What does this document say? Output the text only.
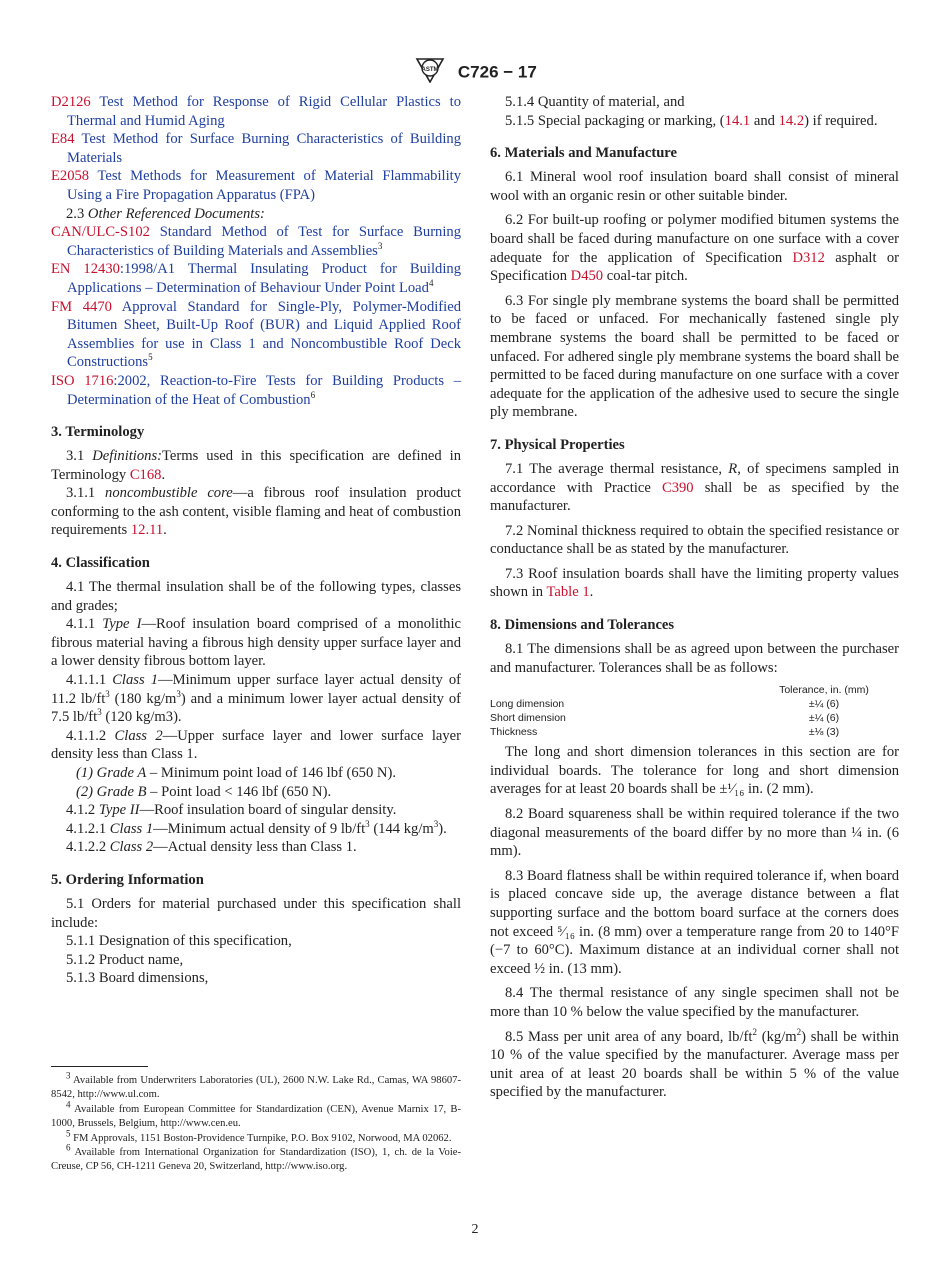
ASTM C726 − 17

D2126 Test Method for Response of Rigid Cellular Plastics to Thermal and Humid Aging

E84 Test Method for Surface Burning Characteristics of Building Materials

E2058 Test Methods for Measurement of Material Flammability Using a Fire Propagation Apparatus (FPA)

2.3 Other Referenced Documents:

CAN/ULC-S102 Standard Method of Test for Surface Burning Characteristics of Building Materials and Assemblies$^3$

EN 12430:1998/A1 Thermal Insulating Product for Building Applications – Determination of Behaviour Under Point Load$^4$

FM 4470 Approval Standard for Single-Ply, Polymer-Modified Bitumen Sheet, Built-Up Roof (BUR) and Liquid Applied Roof Assemblies for use in Class 1 and Noncombustible Roof Deck Constructions$^5$

ISO 1716:2002, Reaction-to-Fire Tests for Building Products – Determination of the Heat of Combustion$^6$

3. Terminology

3.1 Definitions:Terms used in this specification are defined in Terminology C168.

3.1.1 noncombustible core—a fibrous roof insulation product conforming to the ash content, visible flaming and heat of combustion requirements 12.11.

4. Classification

4.1 The thermal insulation shall be of the following types, classes and grades;

4.1.1 Type I—Roof insulation board comprised of a monolithic fibrous material having a fibrous high density upper surface layer and a lower density fibrous bottom layer.

4.1.1.1 Class 1—Minimum upper surface layer actual density of 11.2 $lb/ft^3$ (180 $kg/m^3$) and a minimum lower layer actual density of 7.5 $lb/ft^3$ (120 kg/m3).

4.1.1.2 Class 2—Upper surface layer and lower surface layer density less than Class 1.

(1) Grade A – Minimum point load of 146 lbf (650 N).

(2) Grade B – Point load < 146 lbf (650 N).

4.1.2 Type II—Roof insulation board of singular density.

4.1.2.1 Class 1—Minimum actual density of 9 $lb/ft^3$ (144 $kg/m^3$).

4.1.2.2 Class 2—Actual density less than Class 1.

5. Ordering Information

5.1 Orders for material purchased under this specification shall include:

5.1.1 Designation of this specification,

5.1.2 Product name,

5.1.3 Board dimensions,

5.1.4 Quantity of material, and

5.1.5 Special packaging or marking, (14.1 and 14.2) if required.

6. Materials and Manufacture

6.1 Mineral wool roof insulation board shall consist of mineral wool with an organic resin or other suitable binder.

6.2 For built-up roofing or polymer modified bitumen systems the board shall be faced during manufacture on one surface with a cover adequate for the application of Specification D312 asphalt or Specification D450 coal-tar pitch.

6.3 For single ply membrane systems the board shall be permitted to be faced or unfaced. For mechanically fastened single ply membrane systems the board shall be permitted to be faced or unfaced. For adhered single ply membrane systems the board shall be permitted to be faced during manufacture on one surface with a cover adequate for the application of the adhesive used to secure the single ply membrane.

7. Physical Properties

7.1 The average thermal resistance, R, of specimens sampled in accordance with Practice C390 shall be as specified by the manufacturer.

7.2 Nominal thickness required to obtain the specified resistance or conductance shall be as stated by the manufacturer.

7.3 Roof insulation boards shall have the limiting property values shown in Table 1.

8. Dimensions and Tolerances

8.1 The dimensions shall be as agreed upon between the purchaser and manufacturer. Tolerances shall be as follows:

	Tolerance, in. (mm)
Long dimension	±¼ (6)
Short dimension	±¼ (6)
Thickness	±⅛ (3)

The long and short dimension tolerances in this section are for individual boards. The tolerance for long and short dimension averages for at least 20 boards shall be ±¹⁄₁₆ in. (2 mm).

8.2 Board squareness shall be within required tolerance if the two diagonal measurements of the board differ by no more than ¼ in. (6 mm).

8.3 Board flatness shall be within required tolerance if, when board is placed concave side up, the average distance between a flat supporting surface and the bottom board surface at the corners does not exceed ⁵⁄₁₆ in. (8 mm) over a temperature range from 20 to 140°F (−7 to 60°C). Maximum distance at an individual corner shall not exceed ½ in. (13 mm).

8.4 The thermal resistance of any single specimen shall not be more than 10 % below the value specified by the manufacturer.

8.5 Mass per unit area of any board, $lb/ft^2$ $(kg/m^2)$ shall be within 10 % of the value specified by the manufacturer. Average mass per unit area of at least 20 boards shall be within 5 % of the value specified by the manufacturer.

$^3$ Available from Underwriters Laboratories (UL), 2600 N.W. Lake Rd., Camas, WA 98607-8542, http://www.ul.com.

$^4$ Available from European Committee for Standardization (CEN), Avenue Marnix 17, B-1000, Brussels, Belgium, http://www.cen.eu.

$^5$ FM Approvals, 1151 Boston-Providence Turnpike, P.O. Box 9102, Norwood, MA 02062.

$^6$ Available from International Organization for Standardization (ISO), 1, ch. de la Voie-Creuse, CP 56, CH-1211 Geneva 20, Switzerland, http://www.iso.org.

2
